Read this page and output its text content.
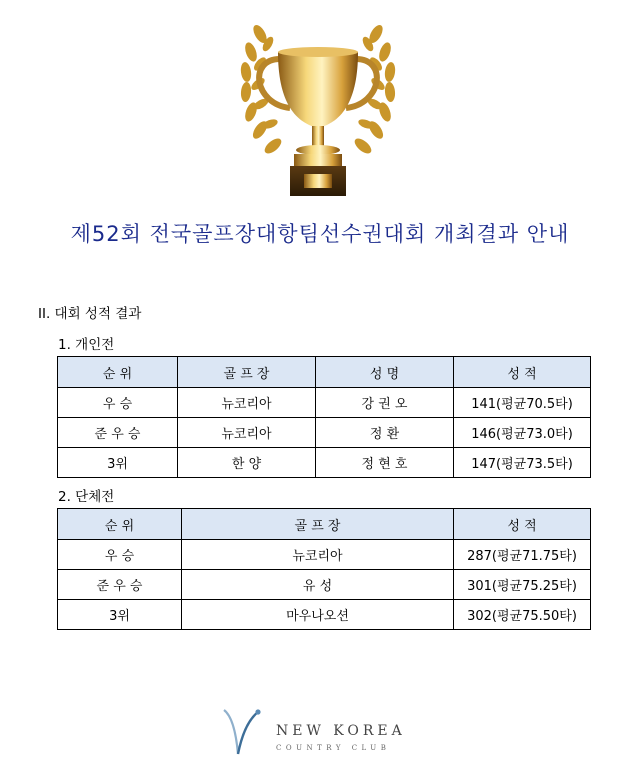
제52회 전국골프장대항팀선수권대회 개최결과 안내
II. 대회 성적 결과
1. 개인전
순 위	골 프 장	성 명	성 적
우 승	뉴코리아	강 권 오	141(평균70.5타)
준 우 승	뉴코리아	정 환	146(평균73.0타)
3위	한 양	정 현 호	147(평균73.5타)
2. 단체전
순 위	골 프 장	성 적
우 승	뉴코리아	287(평균71.75타)
준 우 승	유 성	301(평균75.25타)
3위	마우나오션	302(평균75.50타)
NEW KOREA
COUNTRY CLUB
